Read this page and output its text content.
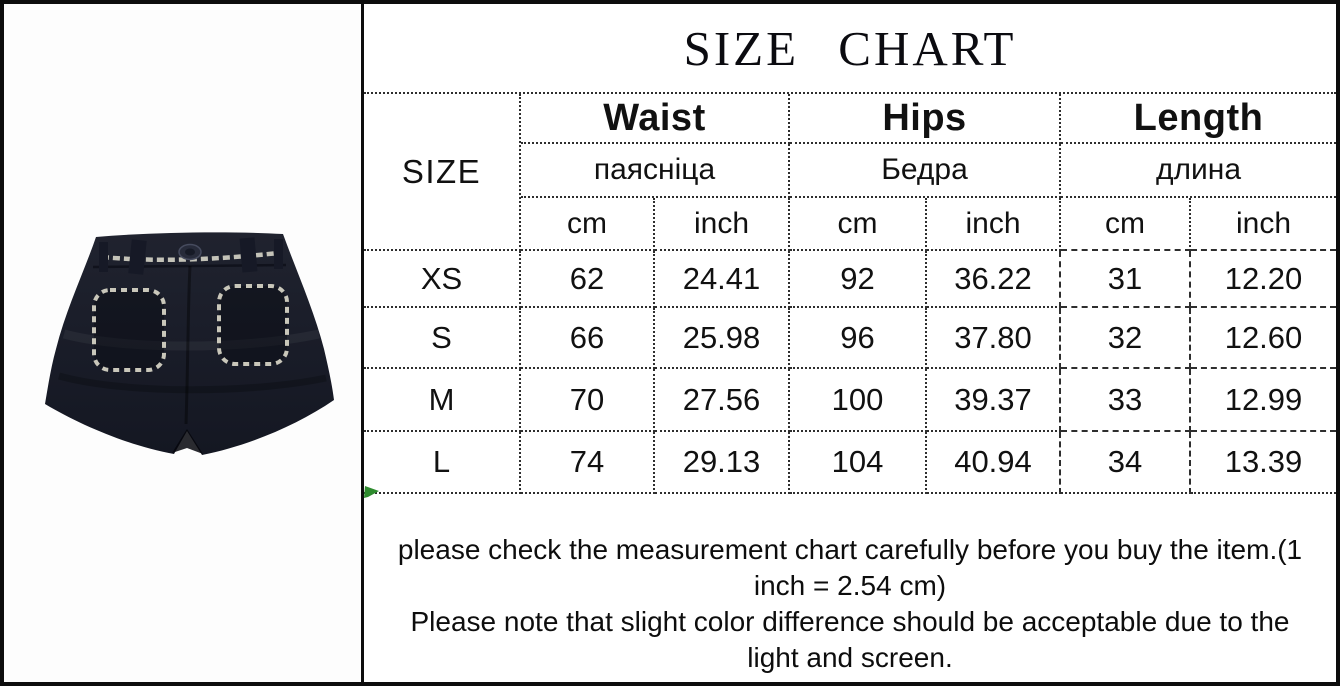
SIZE CHART
SIZE
Waist	Hips	Length
паясніца	Бедра	длина
cm	inch	cm	inch	cm	inch
XS	62	24.41	92	36.22	31	12.20
S	66	25.98	96	37.80	32	12.60
M	70	27.56	100	39.37	33	12.99
L	74	29.13	104	40.94	34	13.39
please check the measurement chart carefully before you buy the item.(1
inch = 2.54 cm)
Please note that slight color difference should be acceptable due to the
light and screen.
